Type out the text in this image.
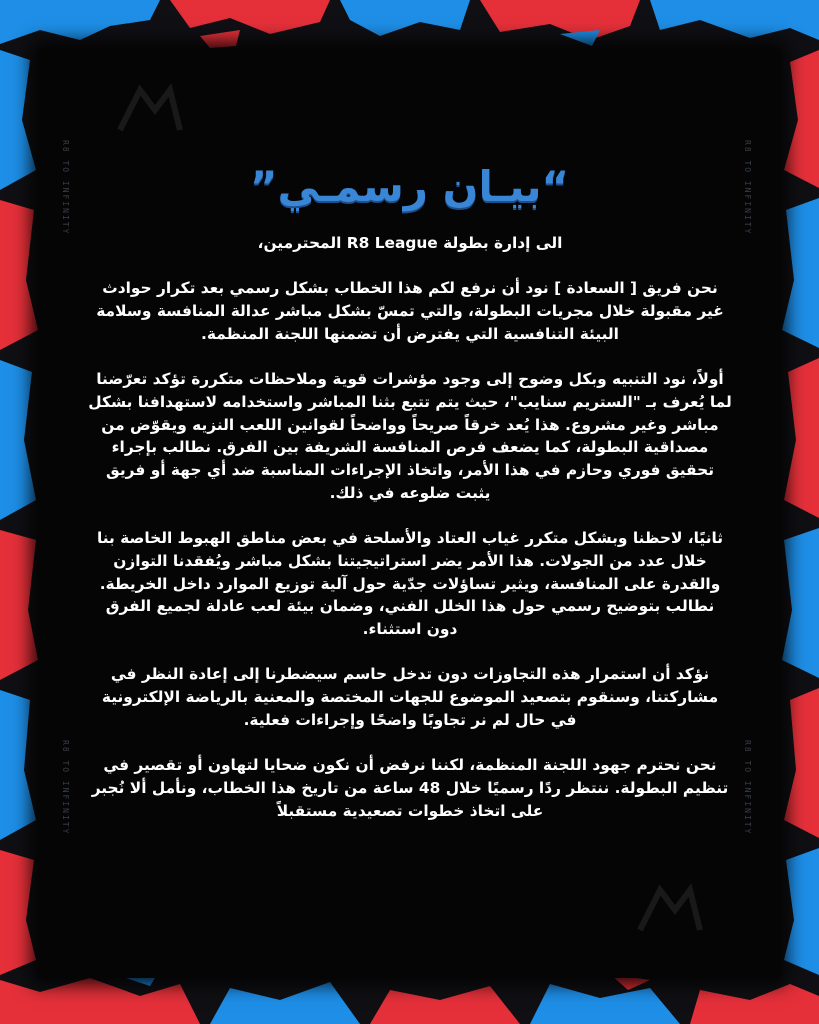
R8 TO INFINITY
R8 TO INFINITY
R8 TO INFINITY
R8 TO INFINITY
“بيـان رسمـي”

الى إدارة بطولة R8 League المحترمين،

نحن فريق [ السعادة ] نود أن نرفع لكم هذا الخطاب بشكل رسمي بعد تكرار حوادث غير مقبولة خلال مجريات البطولة، والتي تمسّ بشكل مباشر عدالة المنافسة وسلامة البيئة التنافسية التي يفترض أن تضمنها اللجنة المنظمة.

أولاً، نود التنبيه وبكل وضوح إلى وجود مؤشرات قوية وملاحظات متكررة تؤكد تعرّضنا لما يُعرف بـ "الستريم سنايب"، حيث يتم تتبع بثنا المباشر واستخدامه لاستهدافنا بشكل مباشر وغير مشروع. هذا يُعد خرقاً صريحاً وواضحاً لقوانين اللعب النزيه ويقوّض من مصداقية البطولة، كما يضعف فرص المنافسة الشريفة بين الفرق. نطالب بإجراء تحقيق فوري وحازم في هذا الأمر، واتخاذ الإجراءات المناسبة ضد أي جهة أو فريق يثبت ضلوعه في ذلك.

ثانيًا، لاحظنا وبشكل متكرر غياب العتاد والأسلحة في بعض مناطق الهبوط الخاصة بنا خلال عدد من الجولات. هذا الأمر يضر استراتيجيتنا بشكل مباشر ويُفقدنا التوازن والقدرة على المنافسة، ويثير تساؤلات جدّية حول آلية توزيع الموارد داخل الخريطة. نطالب بتوضيح رسمي حول هذا الخلل الفني، وضمان بيئة لعب عادلة لجميع الفرق دون استثناء.

نؤكد أن استمرار هذه التجاوزات دون تدخل حاسم سيضطرنا إلى إعادة النظر في مشاركتنا، وسنقوم بتصعيد الموضوع للجهات المختصة والمعنية بالرياضة الإلكترونية في حال لم نر تجاوبًا واضحًا وإجراءات فعلية.

نحن نحترم جهود اللجنة المنظمة، لكننا نرفض أن نكون ضحايا لتهاون أو تقصير في تنظيم البطولة. ننتظر ردًا رسميًا خلال 48 ساعة من تاريخ هذا الخطاب، ونأمل ألا نُجبر على اتخاذ خطوات تصعيدية مستقبلاً
